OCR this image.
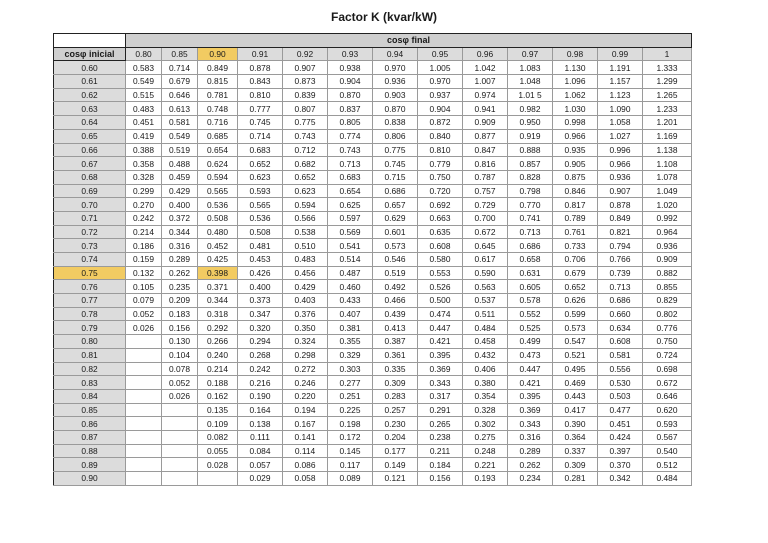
Factor K (kvar/kW)
	cosφ final												
cosφ inicial	0.80	0.85	0.90	0.91	0.92	0.93	0.94	0.95	0.96	0.97	0.98	0.99	1
0.60	0.583	0.714	0.849	0.878	0.907	0.938	0.970	1.005	1.042	1.083	1.130	1.191	1.333
0.61	0.549	0.679	0.815	0.843	0.873	0.904	0.936	0.970	1.007	1.048	1.096	1.157	1.299
0.62	0.515	0.646	0.781	0.810	0.839	0.870	0.903	0.937	0.974	1.01 5	1.062	1.123	1.265
0.63	0.483	0.613	0.748	0.777	0.807	0.837	0.870	0.904	0.941	0.982	1.030	1.090	1.233
0.64	0.451	0.581	0.716	0.745	0.775	0.805	0.838	0.872	0.909	0.950	0.998	1.058	1.201
0.65	0.419	0.549	0.685	0.714	0.743	0.774	0.806	0.840	0.877	0.919	0.966	1.027	1.169
0.66	0.388	0.519	0.654	0.683	0.712	0.743	0.775	0.810	0.847	0.888	0.935	0.996	1.138
0.67	0.358	0.488	0.624	0.652	0.682	0.713	0.745	0.779	0.816	0.857	0.905	0.966	1.108
0.68	0.328	0.459	0.594	0.623	0.652	0.683	0.715	0.750	0.787	0.828	0.875	0.936	1.078
0.69	0.299	0.429	0.565	0.593	0.623	0.654	0.686	0.720	0.757	0.798	0.846	0.907	1.049
0.70	0.270	0.400	0.536	0.565	0.594	0.625	0.657	0.692	0.729	0.770	0.817	0.878	1.020
0.71	0.242	0.372	0.508	0.536	0.566	0.597	0.629	0.663	0.700	0.741	0.789	0.849	0.992
0.72	0.214	0.344	0.480	0.508	0.538	0.569	0.601	0.635	0.672	0.713	0.761	0.821	0.964
0.73	0.186	0.316	0.452	0.481	0.510	0.541	0.573	0.608	0.645	0.686	0.733	0.794	0.936
0.74	0.159	0.289	0.425	0.453	0.483	0.514	0.546	0.580	0.617	0.658	0.706	0.766	0.909
0.75	0.132	0.262	0.398	0.426	0.456	0.487	0.519	0.553	0.590	0.631	0.679	0.739	0.882
0.76	0.105	0.235	0.371	0.400	0.429	0.460	0.492	0.526	0.563	0.605	0.652	0.713	0.855
0.77	0.079	0.209	0.344	0.373	0.403	0.433	0.466	0.500	0.537	0.578	0.626	0.686	0.829
0.78	0.052	0.183	0.318	0.347	0.376	0.407	0.439	0.474	0.511	0.552	0.599	0.660	0.802
0.79	0.026	0.156	0.292	0.320	0.350	0.381	0.413	0.447	0.484	0.525	0.573	0.634	0.776
0.80		0.130	0.266	0.294	0.324	0.355	0.387	0.421	0.458	0.499	0.547	0.608	0.750
0.81		0.104	0.240	0.268	0.298	0.329	0.361	0.395	0.432	0.473	0.521	0.581	0.724
0.82		0.078	0.214	0.242	0.272	0.303	0.335	0.369	0.406	0.447	0.495	0.556	0.698
0.83		0.052	0.188	0.216	0.246	0.277	0.309	0.343	0.380	0.421	0.469	0.530	0.672
0.84		0.026	0.162	0.190	0.220	0.251	0.283	0.317	0.354	0.395	0.443	0.503	0.646
0.85			0.135	0.164	0.194	0.225	0.257	0.291	0.328	0.369	0.417	0.477	0.620
0.86			0.109	0.138	0.167	0.198	0.230	0.265	0.302	0.343	0.390	0.451	0.593
0.87			0.082	0.111	0.141	0.172	0.204	0.238	0.275	0.316	0.364	0.424	0.567
0.88			0.055	0.084	0.114	0.145	0.177	0.211	0.248	0.289	0.337	0.397	0.540
0.89			0.028	0.057	0.086	0.117	0.149	0.184	0.221	0.262	0.309	0.370	0.512
0.90				0.029	0.058	0.089	0.121	0.156	0.193	0.234	0.281	0.342	0.484
